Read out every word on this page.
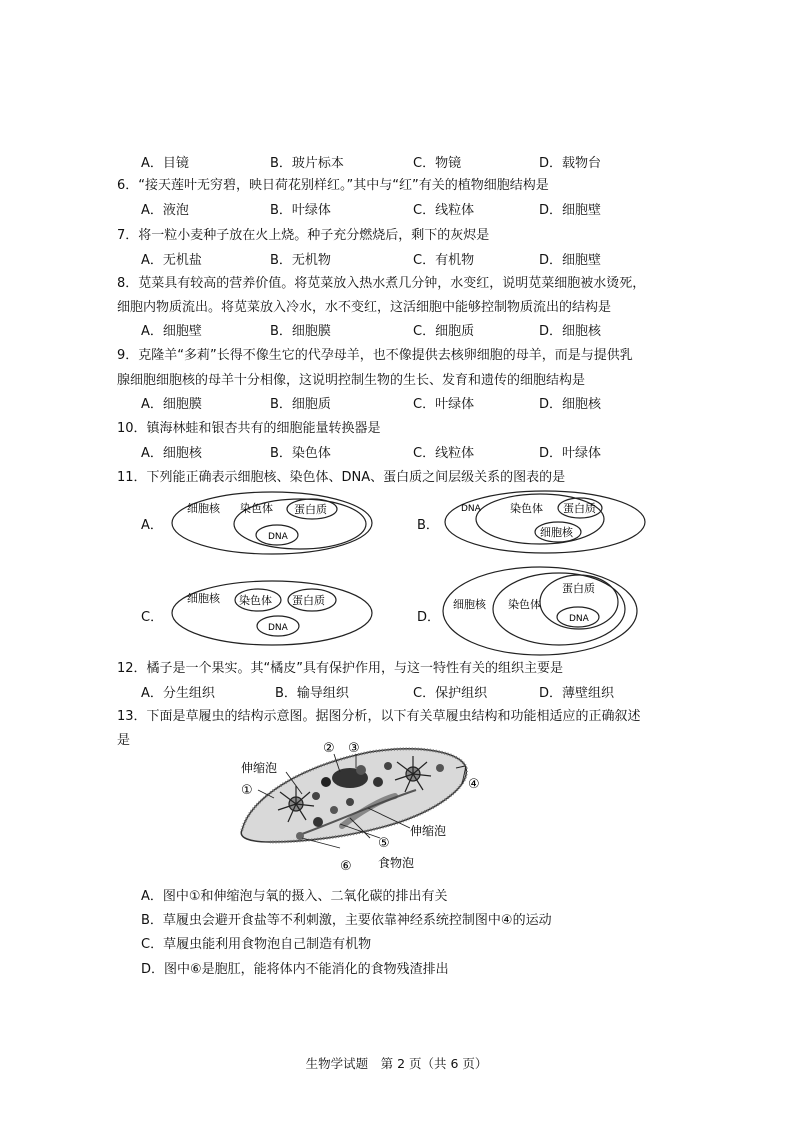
A．目镜	B．玻片标本	C．物镜	D．载物台
6．“接天莲叶无穷碧，映日荷花别样红。”其中与“红”有关的植物细胞结构是
A．液泡	B．叶绿体	C．线粒体	D．细胞壁
7．将一粒小麦种子放在火上烧。种子充分燃烧后，剩下的灰烬是
A．无机盐	B．无机物	C．有机物	D．细胞壁
8．苋菜具有较高的营养价值。将苋菜放入热水煮几分钟，水变红，说明苋菜细胞被水烫死，
细胞内物质流出。将苋菜放入冷水，水不变红，这活细胞中能够控制物质流出的结构是
A．细胞壁	B．细胞膜	C．细胞质	D．细胞核
9．克隆羊“多莉”长得不像生它的代孕母羊，也不像提供去核卵细胞的母羊，而是与提供乳
腺细胞细胞核的母羊十分相像，这说明控制生物的生长、发育和遗传的细胞结构是
A．细胞膜	B．细胞质	C．叶绿体	D．细胞核
10．镇海林蛙和银杏共有的细胞能量转换器是
A．细胞核	B．染色体	C．线粒体	D．叶绿体
11．下列能正确表示细胞核、染色体、DNA、蛋白质之间层级关系的图表的是
A．
细胞核 染色体 蛋白质
DNA
B．
DNA	染色体 蛋白质
细胞核
C．
细胞核 染色体 蛋白质
DNA
D．
细胞核 染色体
蛋白质
DNA
12．橘子是一个果实。其“橘皮”具有保护作用，与这一特性有关的组织主要是
A．分生组织	B．输导组织	C．保护组织	D．薄壁组织
13．下面是草履虫的结构示意图。据图分析，以下有关草履虫结构和功能相适应的正确叙述
是
伸缩泡
①
② ③
④
⑤
伸缩泡
⑥ 食物泡
A．图中①和伸缩泡与氧的摄入、二氧化碳的排出有关
B．草履虫会避开食盐等不利刺激，主要依靠神经系统控制图中④的运动
C．草履虫能利用食物泡自己制造有机物
D．图中⑥是胞肛，能将体内不能消化的食物残渣排出
生物学试题　第 2 页（共 6 页）
